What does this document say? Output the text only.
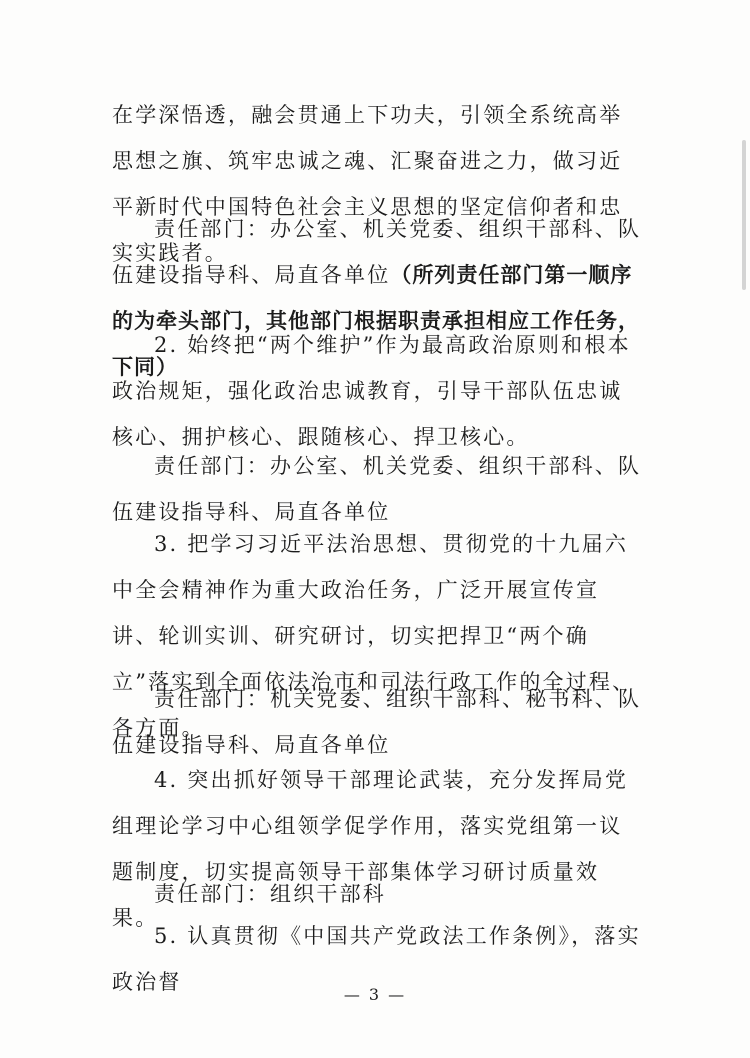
在学深悟透，融会贯通上下功夫，引领全系统高举思想之旗、筑牢忠诚之魂、汇聚奋进之力，做习近平新时代中国特色社会主义思想的坚定信仰者和忠实实践者。

责任部门：办公室、机关党委、组织干部科、队伍建设指导科、局直各单位（所列责任部门第一顺序的为牵头部门，其他部门根据职责承担相应工作任务，下同）

2. 始终把“两个维护”作为最高政治原则和根本政治规矩，强化政治忠诚教育，引导干部队伍忠诚核心、拥护核心、跟随核心、捍卫核心。

责任部门：办公室、机关党委、组织干部科、队伍建设指导科、局直各单位

3. 把学习习近平法治思想、贯彻党的十九届六中全会精神作为重大政治任务，广泛开展宣传宣讲、轮训实训、研究研讨，切实把捍卫“两个确立”落实到全面依法治市和司法行政工作的全过程、各方面。

责任部门：机关党委、组织干部科、秘书科、队伍建设指导科、局直各单位

4. 突出抓好领导干部理论武装，充分发挥局党组理论学习中心组领学促学作用，落实党组第一议题制度，切实提高领导干部集体学习研讨质量效果。

责任部门：组织干部科

5. 认真贯彻《中国共产党政法工作条例》，落实政治督

— 3 —
